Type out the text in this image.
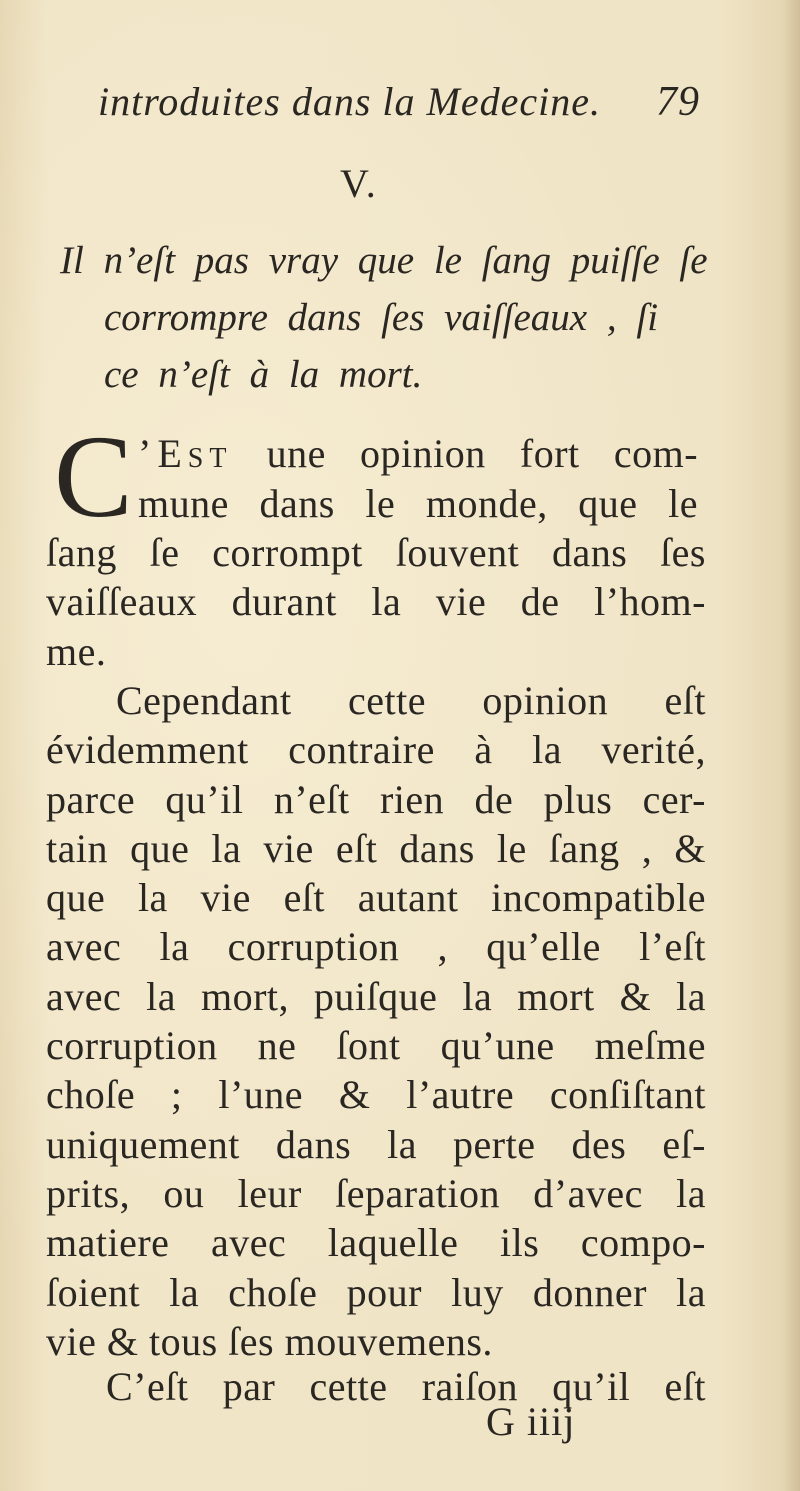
introduites dans la Medecine. 79
V.
Il n’eſt pas vray que le ſang puiſſe ſe
corrompre dans ſes vaiſſeaux , ſi
ce n’eſt à la mort.
C ’Est une opinion fort com-
mune dans le monde, que le
ſang ſe corrompt ſouvent dans ſes
vaiſſeaux durant la vie de l’hom-
me.
Cependant cette opinion eſt
évidemment contraire à la verité,
parce qu’il n’eſt rien de plus cer-
tain que la vie eſt dans le ſang , &
que la vie eſt autant incompatible
avec la corruption , qu’elle l’eſt
avec la mort, puiſque la mort & la
corruption ne ſont qu’une meſme
choſe ; l’une & l’autre conſiſtant
uniquement dans la perte des eſ-
prits, ou leur ſeparation d’avec la
matiere avec laquelle ils compo-
ſoient la choſe pour luy donner la
vie & tous ſes mouvemens.
C’eſt par cette raiſon qu’il eſt
G iiij
